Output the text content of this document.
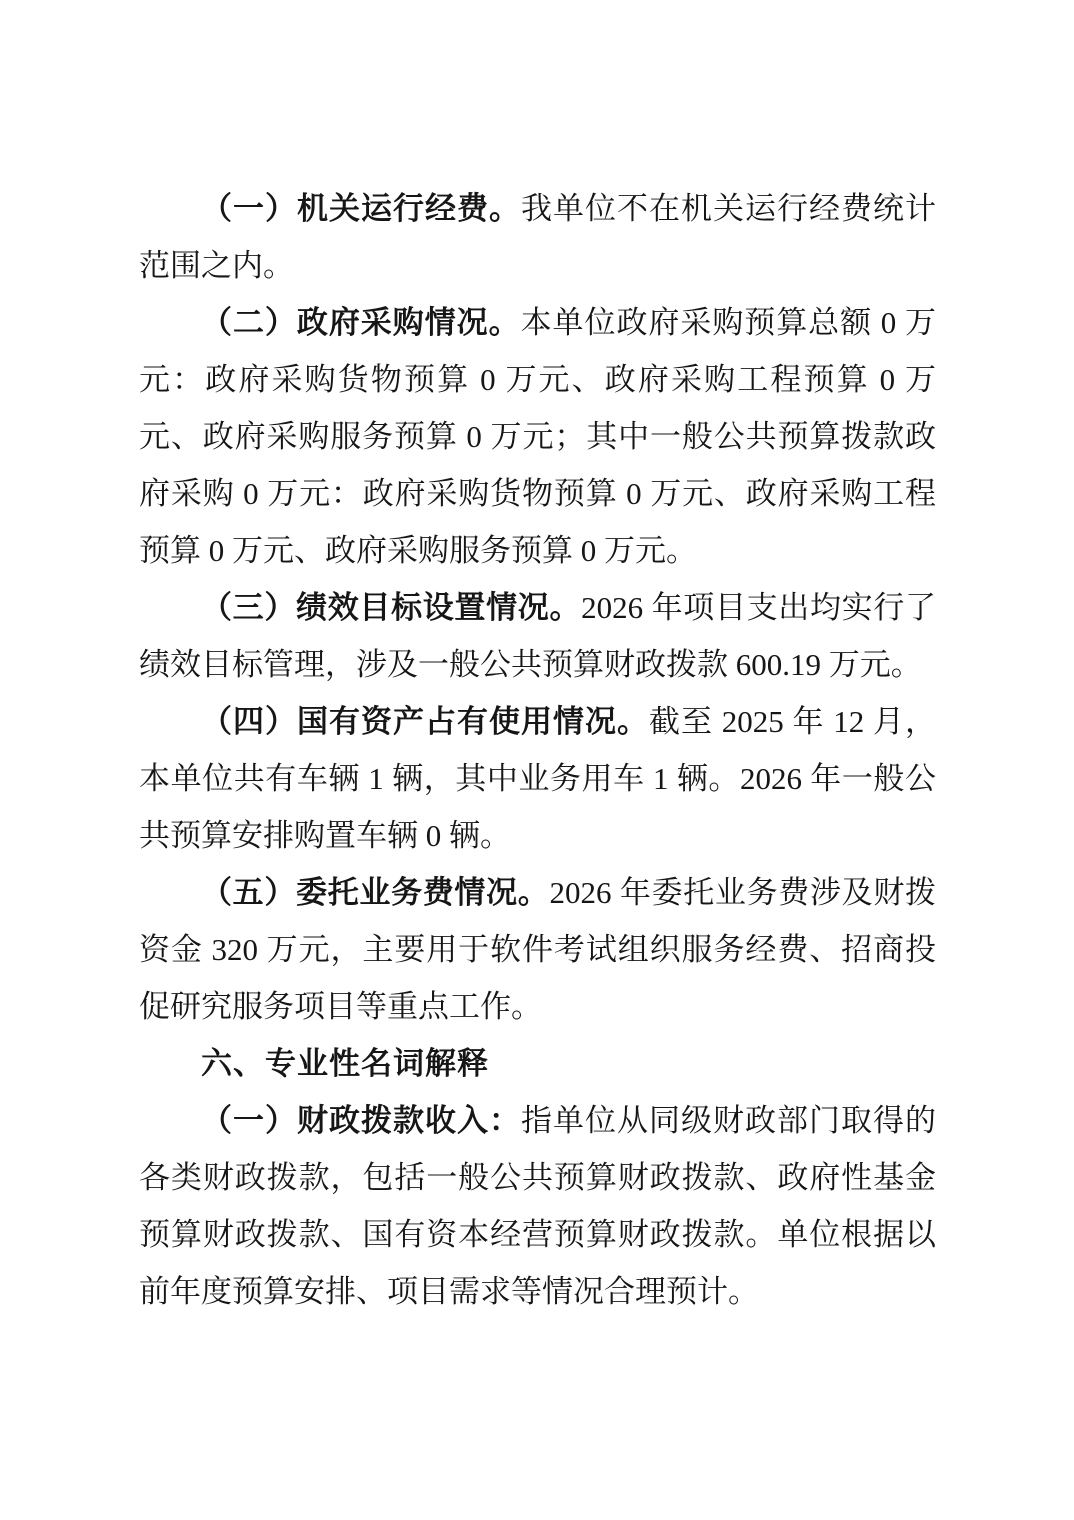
（一）机关运行经费。我单位不在机关运行经费统计范围之内。

（二）政府采购情况。本单位政府采购预算总额 0 万元：政府采购货物预算 0 万元、政府采购工程预算 0 万元、政府采购服务预算 0 万元；其中一般公共预算拨款政府采购 0 万元：政府采购货物预算 0 万元、政府采购工程预算 0 万元、政府采购服务预算 0 万元。

（三）绩效目标设置情况。2026 年项目支出均实行了绩效目标管理，涉及一般公共预算财政拨款 600.19 万元。

（四）国有资产占有使用情况。截至 2025 年 12 月，本单位共有车辆 1 辆，其中业务用车 1 辆。2026 年一般公共预算安排购置车辆 0 辆。

（五）委托业务费情况。2026 年委托业务费涉及财拨资金 320 万元，主要用于软件考试组织服务经费、招商投促研究服务项目等重点工作。

六、专业性名词解释

（一）财政拨款收入：指单位从同级财政部门取得的各类财政拨款，包括一般公共预算财政拨款、政府性基金预算财政拨款、国有资本经营预算财政拨款。单位根据以前年度预算安排、项目需求等情况合理预计。
